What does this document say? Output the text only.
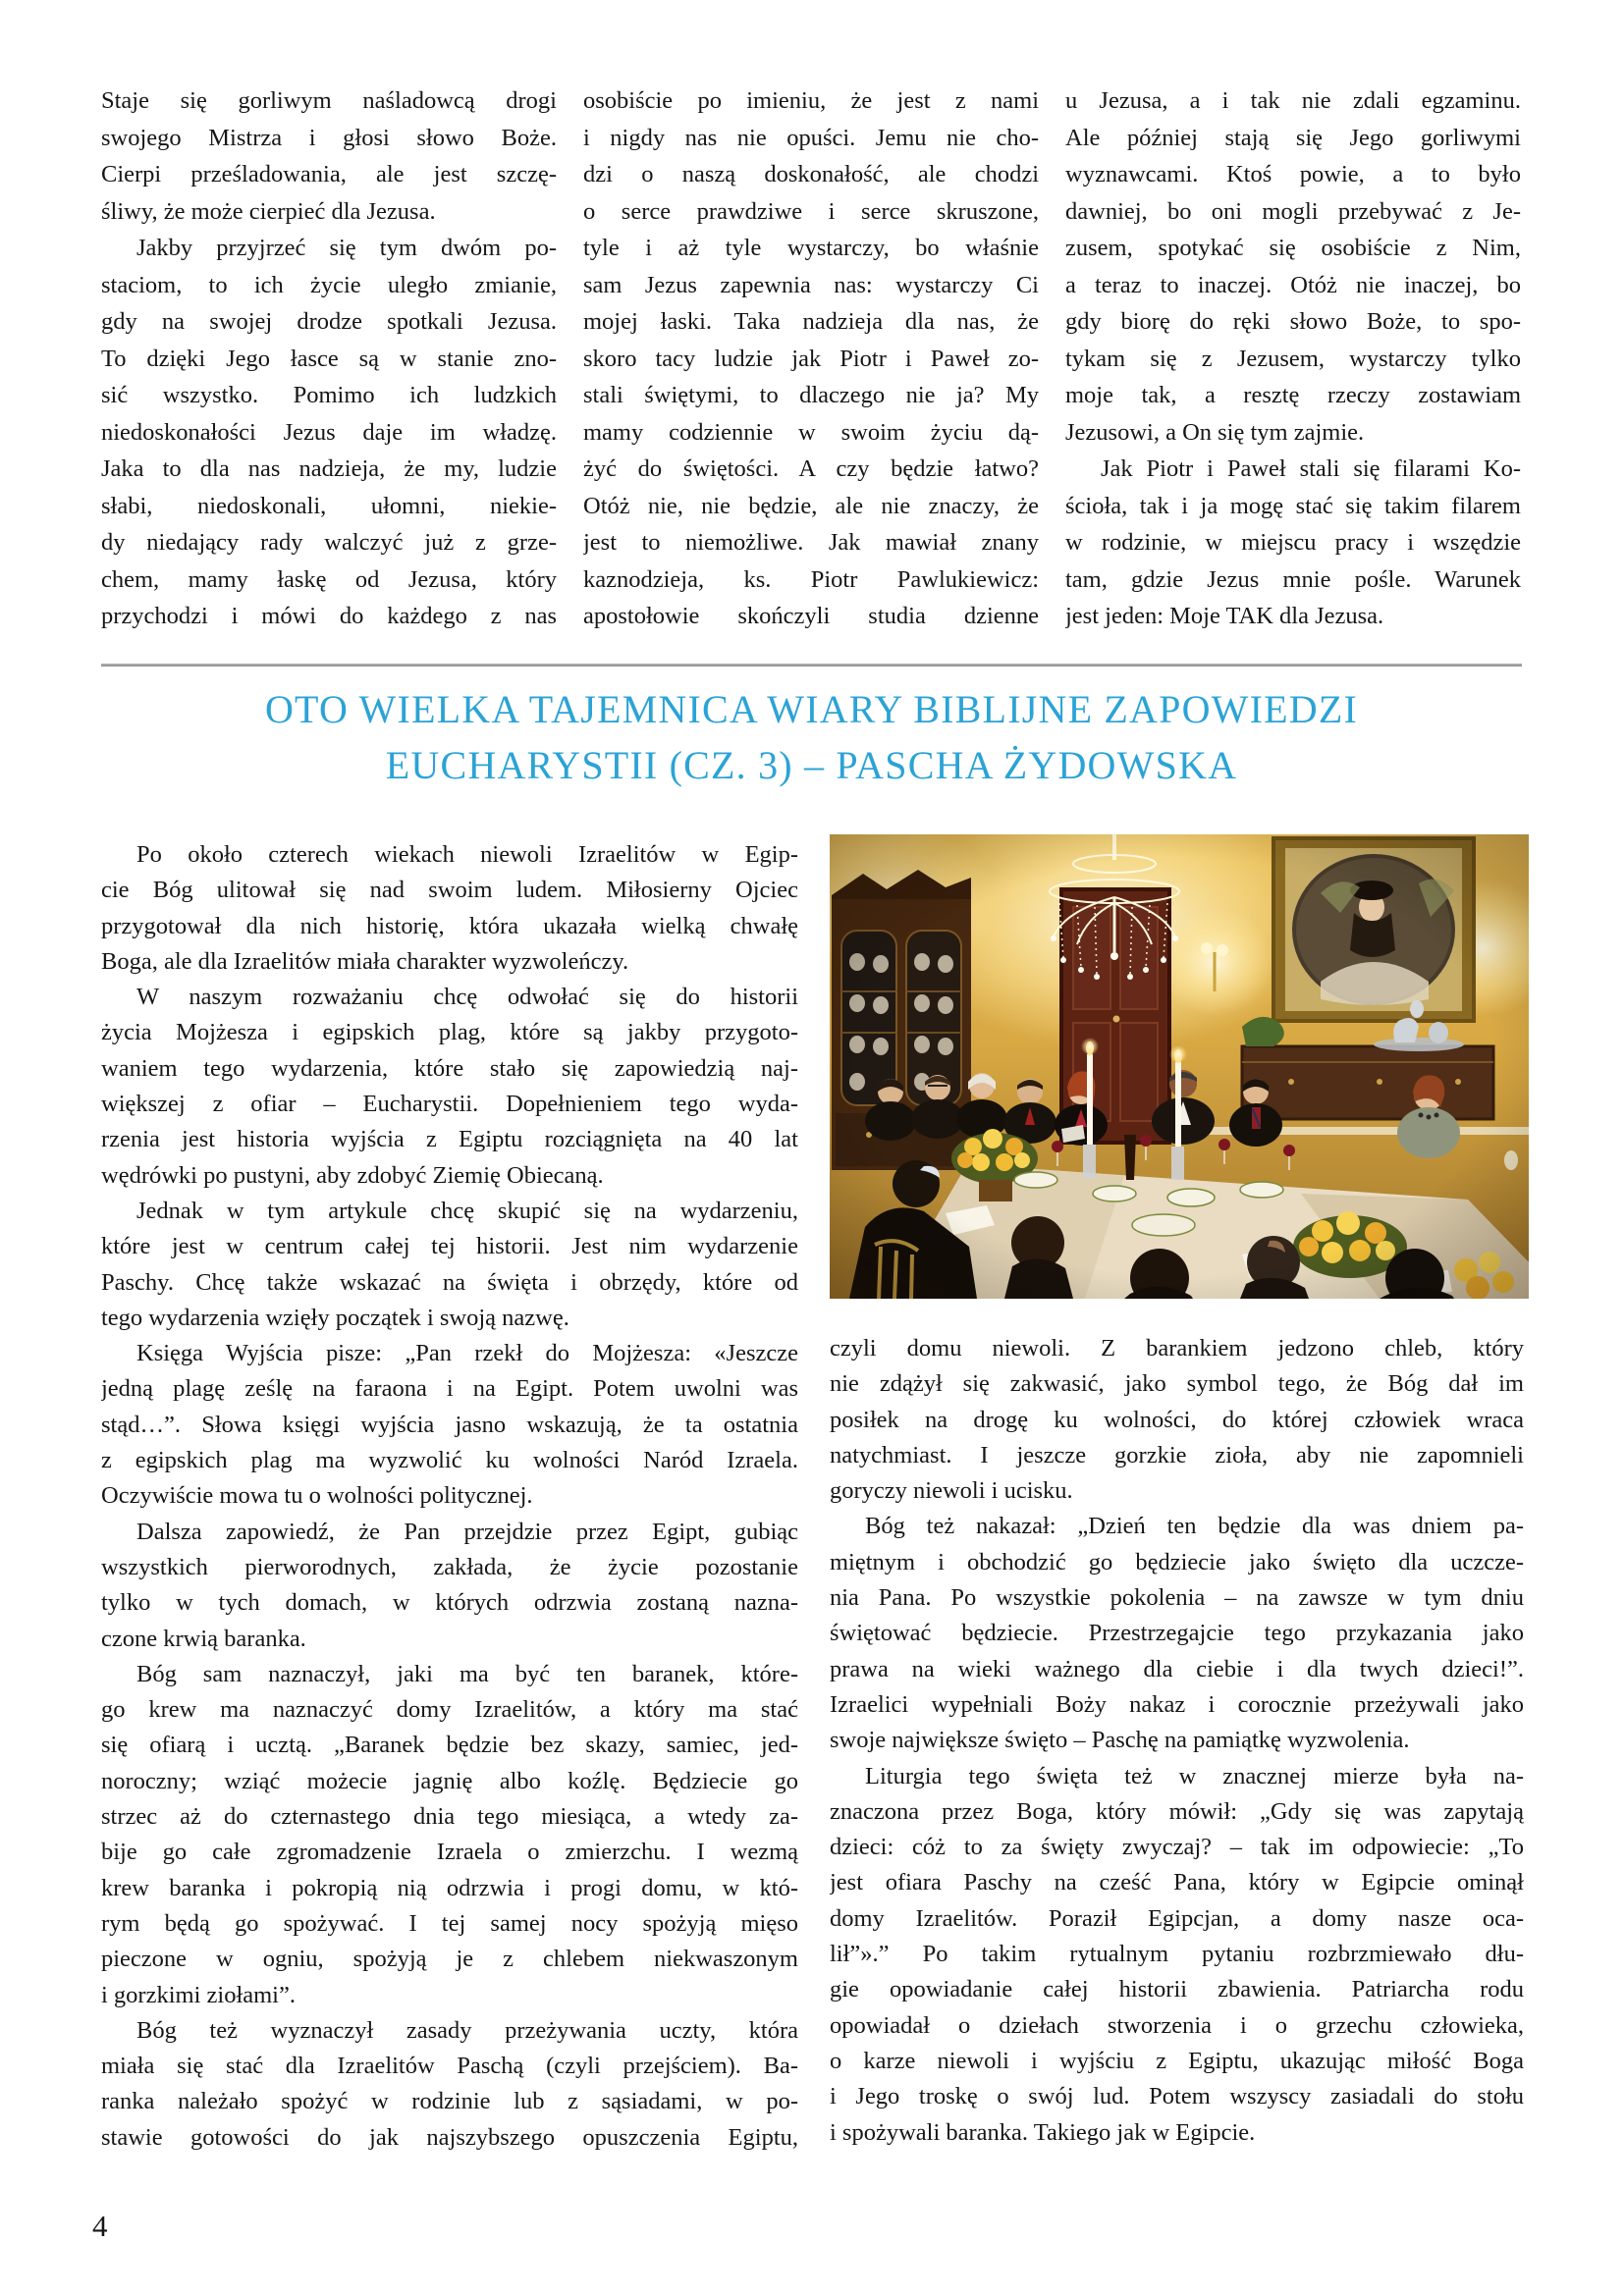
Staje się gorliwym naśladowcą drogi
swojego Mistrza i głosi słowo Boże.
Cierpi prześladowania, ale jest szczę-
śliwy, że może cierpieć dla Jezusa.
Jakby przyjrzeć się tym dwóm po-
staciom, to ich życie uległo zmianie,
gdy na swojej drodze spotkali Jezusa.
To dzięki Jego łasce są w stanie zno-
sić wszystko. Pomimo ich ludzkich
niedoskonałości Jezus daje im władzę.
Jaka to dla nas nadzieja, że my, ludzie
słabi, niedoskonali, ułomni, niekie-
dy niedający rady walczyć już z grze-
chem, mamy łaskę od Jezusa, który
przychodzi i mówi do każdego z nas
osobiście po imieniu, że jest z nami
i nigdy nas nie opuści. Jemu nie cho-
dzi o naszą doskonałość, ale chodzi
o serce prawdziwe i serce skruszone,
tyle i aż tyle wystarczy, bo właśnie
sam Jezus zapewnia nas: wystarczy Ci
mojej łaski. Taka nadzieja dla nas, że
skoro tacy ludzie jak Piotr i Paweł zo-
stali świętymi, to dlaczego nie ja? My
mamy codziennie w swoim życiu dą-
żyć do świętości. A czy będzie łatwo?
Otóż nie, nie będzie, ale nie znaczy, że
jest to niemożliwe. Jak mawiał znany
kaznodzieja, ks. Piotr Pawlukiewicz:
apostołowie skończyli studia dzienne
u Jezusa, a i tak nie zdali egzaminu.
Ale później stają się Jego gorliwymi
wyznawcami. Ktoś powie, a to było
dawniej, bo oni mogli przebywać z Je-
zusem, spotykać się osobiście z Nim,
a teraz to inaczej. Otóż nie inaczej, bo
gdy biorę do ręki słowo Boże, to spo-
tykam się z Jezusem, wystarczy tylko
moje tak, a resztę rzeczy zostawiam
Jezusowi, a On się tym zajmie.
Jak Piotr i Paweł stali się filarami Ko-
ścioła, tak i ja mogę stać się takim filarem
w rodzinie, w miejscu pracy i wszędzie
tam, gdzie Jezus mnie pośle. Warunek
jest jeden: Moje TAK dla Jezusa.
OTO WIELKA TAJEMNICA WIARY BIBLIJNE ZAPOWIEDZI
EUCHARYSTII (CZ. 3) – PASCHA ŻYDOWSKA
Po około czterech wiekach niewoli Izraelitów w Egip-
cie Bóg ulitował się nad swoim ludem. Miłosierny Ojciec
przygotował dla nich historię, która ukazała wielką chwałę
Boga, ale dla Izraelitów miała charakter wyzwoleńczy.
W naszym rozważaniu chcę odwołać się do historii
życia Mojżesza i egipskich plag, które są jakby przygoto-
waniem tego wydarzenia, które stało się zapowiedzią naj-
większej z ofiar – Eucharystii. Dopełnieniem tego wyda-
rzenia jest historia wyjścia z Egiptu rozciągnięta na 40 lat
wędrówki po pustyni, aby zdobyć Ziemię Obiecaną.
Jednak w tym artykule chcę skupić się na wydarzeniu,
które jest w centrum całej tej historii. Jest nim wydarzenie
Paschy. Chcę także wskazać na święta i obrzędy, które od
tego wydarzenia wzięły początek i swoją nazwę.
Księga Wyjścia pisze: „Pan rzekł do Mojżesza: «Jeszcze
jedną plagę ześlę na faraona i na Egipt. Potem uwolni was
stąd…”. Słowa księgi wyjścia jasno wskazują, że ta ostatnia
z egipskich plag ma wyzwolić ku wolności Naród Izraela.
Oczywiście mowa tu o wolności politycznej.
Dalsza zapowiedź, że Pan przejdzie przez Egipt, gubiąc
wszystkich pierworodnych, zakłada, że życie pozostanie
tylko w tych domach, w których odrzwia zostaną nazna-
czone krwią baranka.
Bóg sam naznaczył, jaki ma być ten baranek, które-
go krew ma naznaczyć domy Izraelitów, a który ma stać
się ofiarą i ucztą. „Baranek będzie bez skazy, samiec, jed-
noroczny; wziąć możecie jagnię albo koźlę. Będziecie go
strzec aż do czternastego dnia tego miesiąca, a wtedy za-
bije go całe zgromadzenie Izraela o zmierzchu. I wezmą
krew baranka i pokropią nią odrzwia i progi domu, w któ-
rym będą go spożywać. I tej samej nocy spożyją mięso
pieczone w ogniu, spożyją je z chlebem niekwaszonym
i gorzkimi ziołami”.
Bóg też wyznaczył zasady przeżywania uczty, która
miała się stać dla Izraelitów Paschą (czyli przejściem). Ba-
ranka należało spożyć w rodzinie lub z sąsiadami, w po-
stawie gotowości do jak najszybszego opuszczenia Egiptu,
czyli domu niewoli. Z barankiem jedzono chleb, który
nie zdążył się zakwasić, jako symbol tego, że Bóg dał im
posiłek na drogę ku wolności, do której człowiek wraca
natychmiast. I jeszcze gorzkie zioła, aby nie zapomnieli
goryczy niewoli i ucisku.
Bóg też nakazał: „Dzień ten będzie dla was dniem pa-
miętnym i obchodzić go będziecie jako święto dla uczcze-
nia Pana. Po wszystkie pokolenia – na zawsze w tym dniu
świętować będziecie. Przestrzegajcie tego przykazania jako
prawa na wieki ważnego dla ciebie i dla twych dzieci!”.
Izraelici wypełniali Boży nakaz i corocznie przeżywali jako
swoje największe święto – Paschę na pamiątkę wyzwolenia.
Liturgia tego święta też w znacznej mierze była na-
znaczona przez Boga, który mówił: „Gdy się was zapytają
dzieci: cóż to za święty zwyczaj? – tak im odpowiecie: „To
jest ofiara Paschy na cześć Pana, który w Egipcie ominął
domy Izraelitów. Poraził Egipcjan, a domy nasze oca-
lił”».” Po takim rytualnym pytaniu rozbrzmiewało dłu-
gie opowiadanie całej historii zbawienia. Patriarcha rodu
opowiadał o dziełach stworzenia i o grzechu człowieka,
o karze niewoli i wyjściu z Egiptu, ukazując miłość Boga
i Jego troskę o swój lud. Potem wszyscy zasiadali do stołu
i spożywali baranka. Takiego jak w Egipcie.
4
